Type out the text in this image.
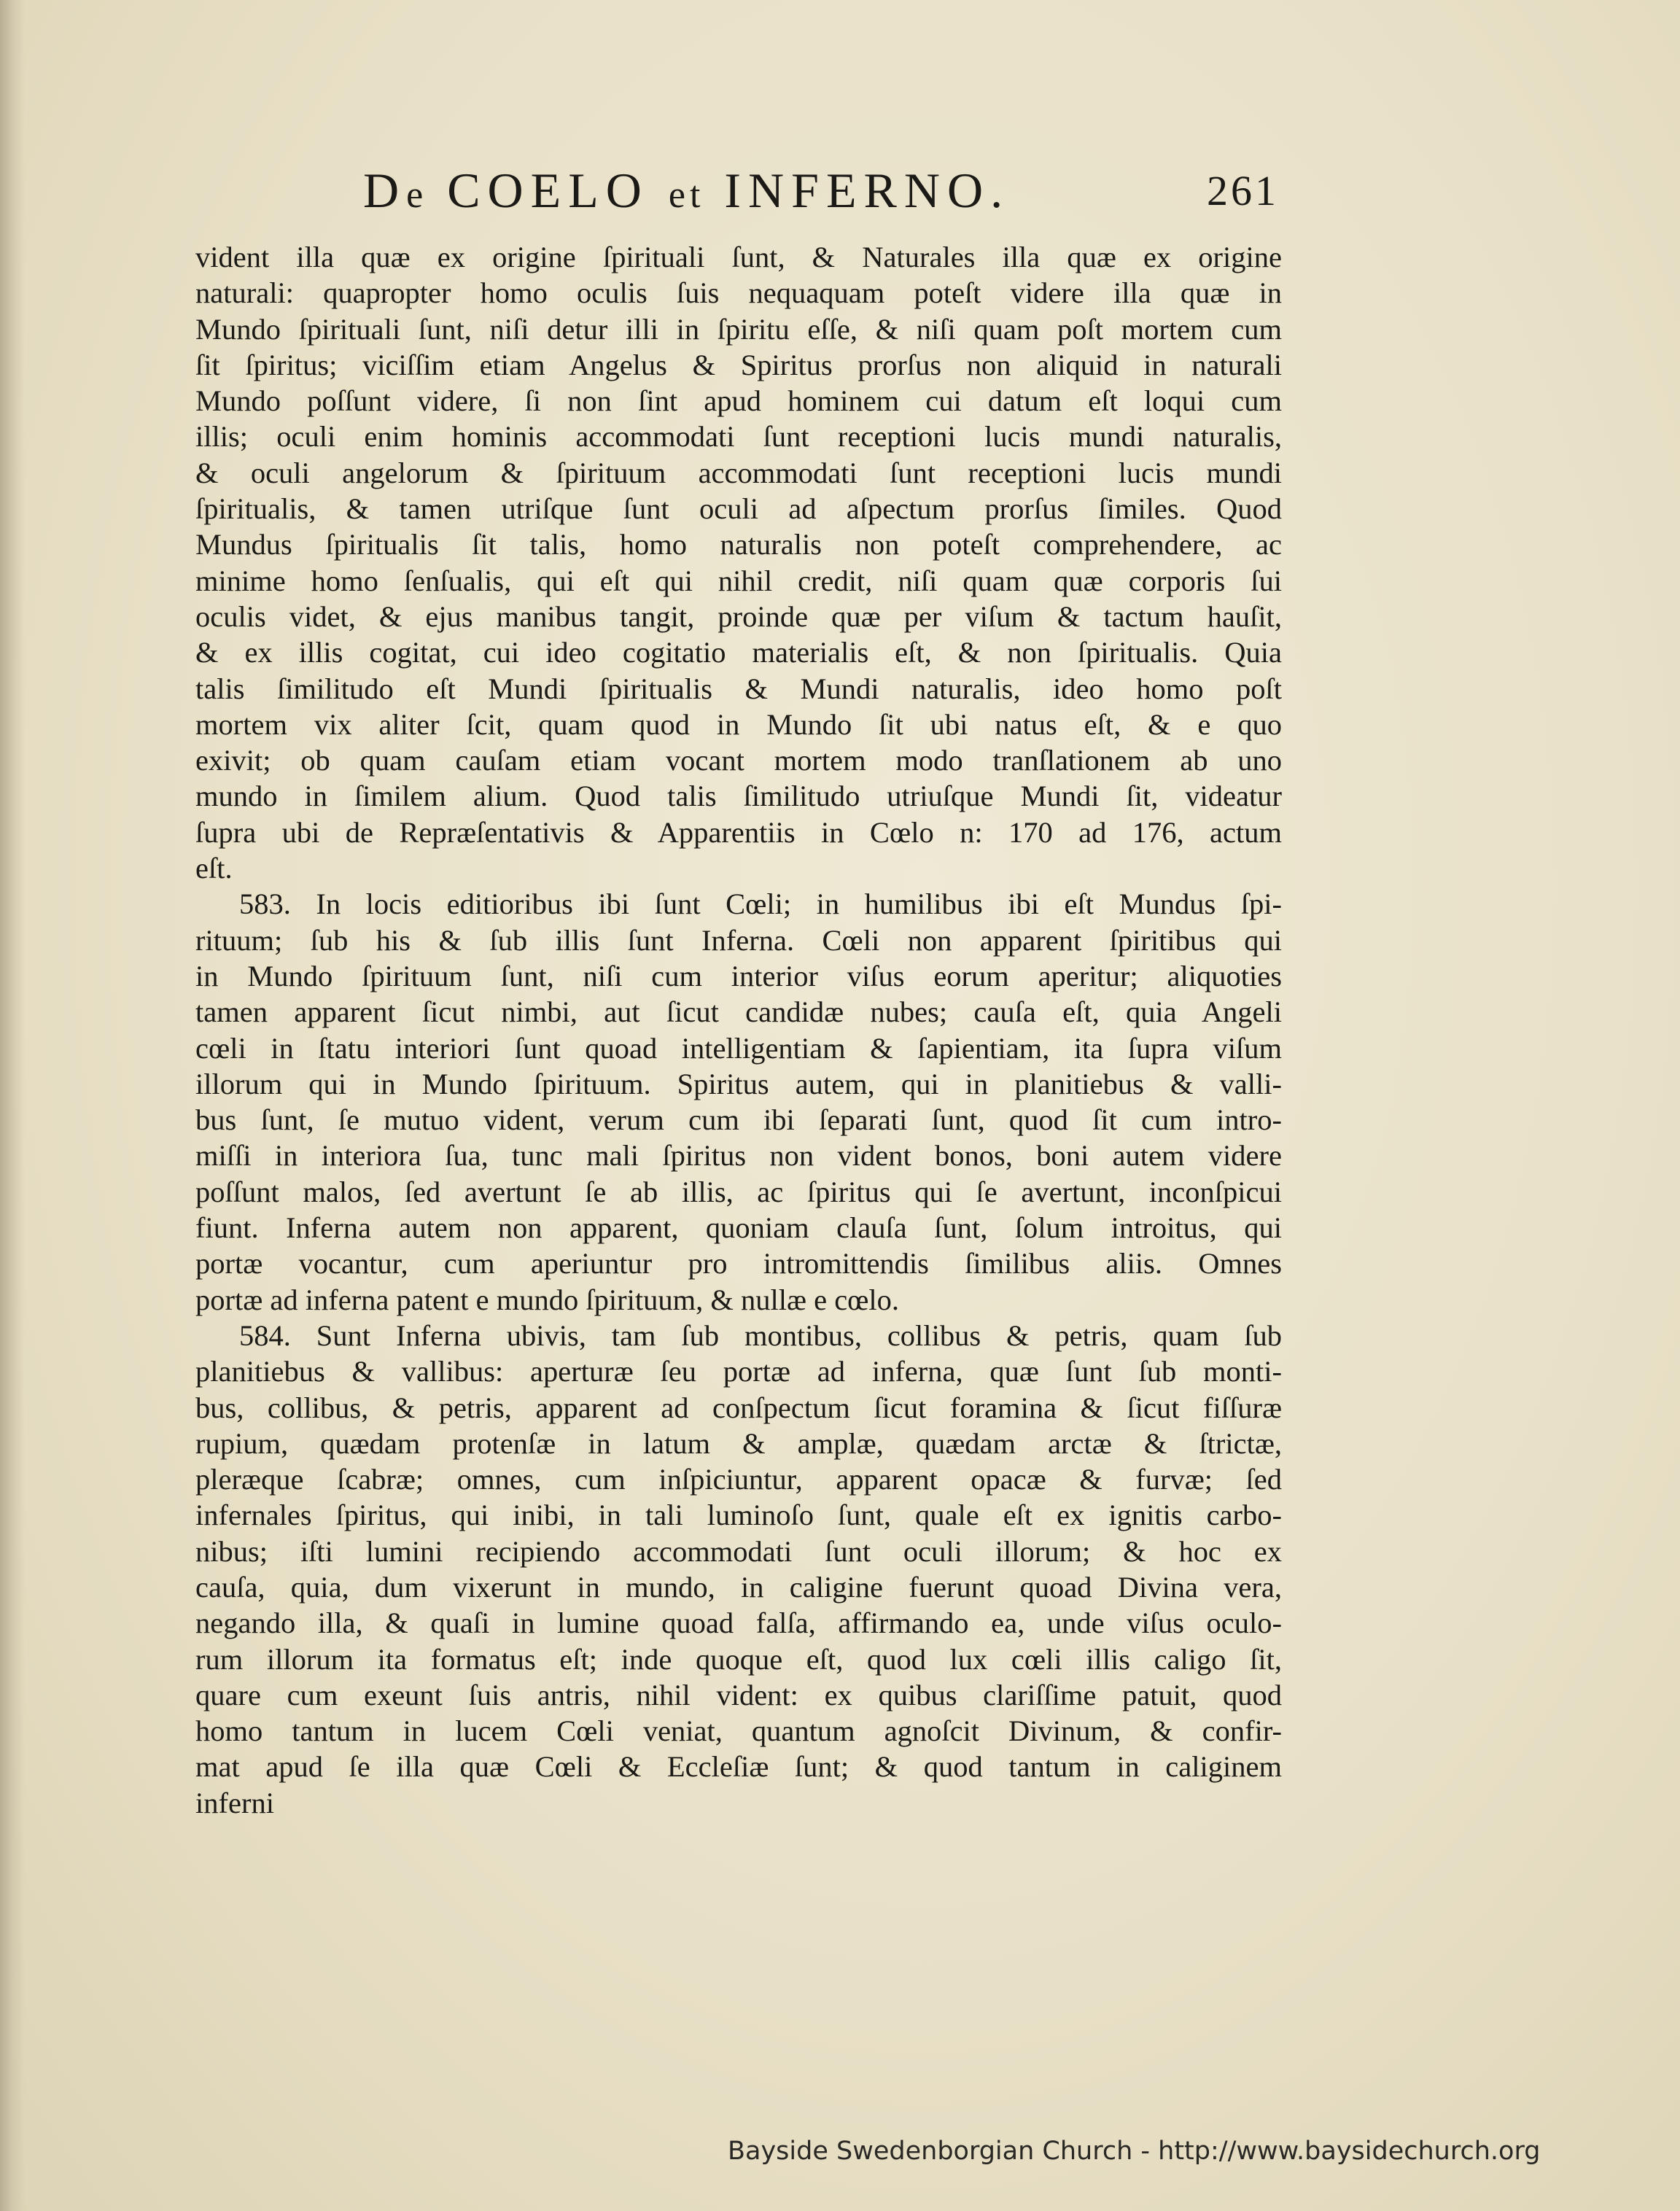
De COELO et INFERNO.	261
vident illa quæ ex origine ſpirituali ſunt, & Naturales illa quæ ex origine
naturali: quapropter homo oculis ſuis nequaquam poteſt videre illa quæ in
Mundo ſpirituali ſunt, niſi detur illi in ſpiritu eſſe, & niſi quam poſt mortem cum
ſit ſpiritus; viciſſim etiam Angelus & Spiritus prorſus non aliquid in naturali
Mundo poſſunt videre, ſi non ſint apud hominem cui datum eſt loqui cum
illis; oculi enim hominis accommodati ſunt receptioni lucis mundi naturalis,
& oculi angelorum & ſpirituum accommodati ſunt receptioni lucis mundi
ſpiritualis, & tamen utriſque ſunt oculi ad aſpectum prorſus ſimiles. Quod
Mundus ſpiritualis ſit talis, homo naturalis non poteſt comprehendere, ac
minime homo ſenſualis, qui eſt qui nihil credit, niſi quam quæ corporis ſui
oculis videt, & ejus manibus tangit, proinde quæ per viſum & tactum hauſit,
& ex illis cogitat, cui ideo cogitatio materialis eſt, & non ſpiritualis. Quia
talis ſimilitudo eſt Mundi ſpiritualis & Mundi naturalis, ideo homo poſt
mortem vix aliter ſcit, quam quod in Mundo ſit ubi natus eſt, & e quo
exivit; ob quam cauſam etiam vocant mortem modo tranſlationem ab uno
mundo in ſimilem alium. Quod talis ſimilitudo utriuſque Mundi ſit, videatur
ſupra ubi de Repræſentativis & Apparentiis in Cœlo n: 170 ad 176, actum
eſt.
583. In locis editioribus ibi ſunt Cœli; in humilibus ibi eſt Mundus ſpi-
rituum; ſub his & ſub illis ſunt Inferna. Cœli non apparent ſpiritibus qui
in Mundo ſpirituum ſunt, niſi cum interior viſus eorum aperitur; aliquoties
tamen apparent ſicut nimbi, aut ſicut candidæ nubes; cauſa eſt, quia Angeli
cœli in ſtatu interiori ſunt quoad intelligentiam & ſapientiam, ita ſupra viſum
illorum qui in Mundo ſpirituum. Spiritus autem, qui in planitiebus & valli-
bus ſunt, ſe mutuo vident, verum cum ibi ſeparati ſunt, quod ſit cum intro-
miſſi in interiora ſua, tunc mali ſpiritus non vident bonos, boni autem videre
poſſunt malos, ſed avertunt ſe ab illis, ac ſpiritus qui ſe avertunt, inconſpicui
fiunt. Inferna autem non apparent, quoniam clauſa ſunt, ſolum introitus, qui
portæ vocantur, cum aperiuntur pro intromittendis ſimilibus aliis. Omnes
portæ ad inferna patent e mundo ſpirituum, & nullæ e cœlo.
584. Sunt Inferna ubivis, tam ſub montibus, collibus & petris, quam ſub
planitiebus & vallibus: aperturæ ſeu portæ ad inferna, quæ ſunt ſub monti-
bus, collibus, & petris, apparent ad conſpectum ſicut foramina & ſicut fiſſuræ
rupium, quædam protenſæ in latum & amplæ, quædam arctæ & ſtrictæ,
pleræque ſcabræ; omnes, cum inſpiciuntur, apparent opacæ & furvæ; ſed
infernales ſpiritus, qui inibi, in tali luminoſo ſunt, quale eſt ex ignitis carbo-
nibus; iſti lumini recipiendo accommodati ſunt oculi illorum; & hoc ex
cauſa, quia, dum vixerunt in mundo, in caligine fuerunt quoad Divina vera,
negando illa, & quaſi in lumine quoad falſa, affirmando ea, unde viſus oculo-
rum illorum ita formatus eſt; inde quoque eſt, quod lux cœli illis caligo ſit,
quare cum exeunt ſuis antris, nihil vident: ex quibus clariſſime patuit, quod
homo tantum in lucem Cœli veniat, quantum agnoſcit Divinum, & confir-
mat apud ſe illa quæ Cœli & Eccleſiæ ſunt; & quod tantum in caliginem
inferni
Bayside Swedenborgian Church - http://www.baysidechurch.org
